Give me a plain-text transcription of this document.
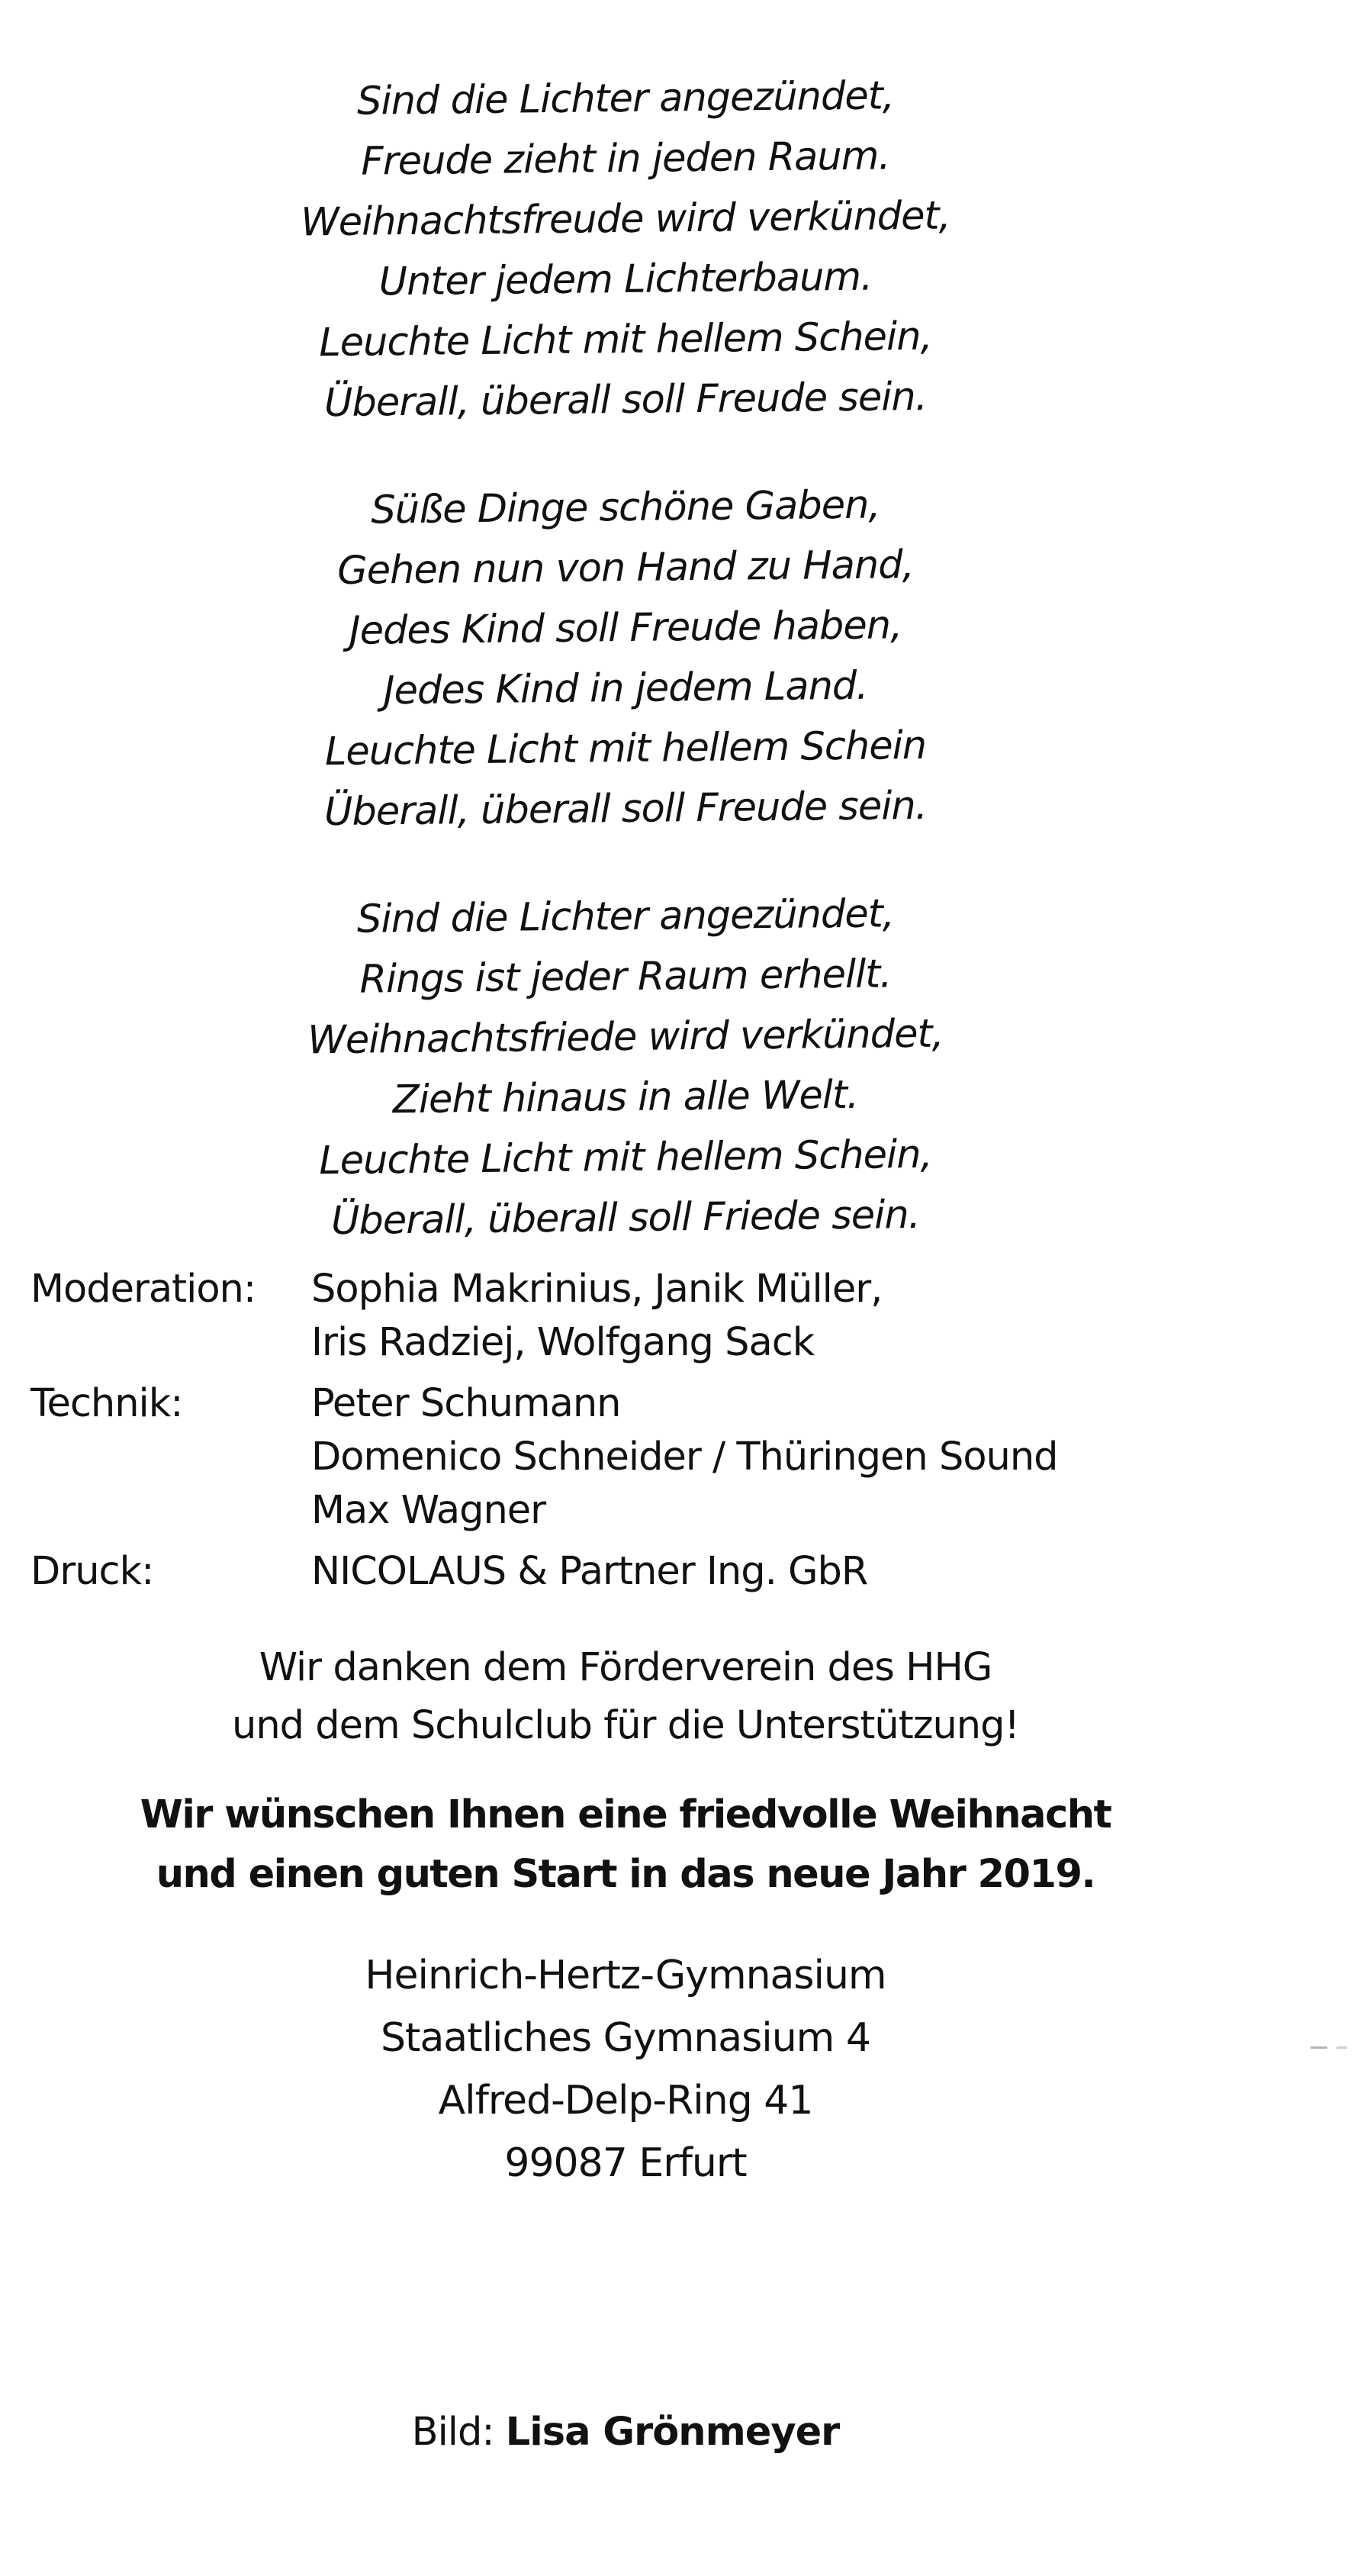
Sind die Lichter angezündet,
Freude zieht in jeden Raum.
Weihnachtsfreude wird verkündet,
Unter jedem Lichterbaum.
Leuchte Licht mit hellem Schein,
Überall, überall soll Freude sein.
Süße Dinge schöne Gaben,
Gehen nun von Hand zu Hand,
Jedes Kind soll Freude haben,
Jedes Kind in jedem Land.
Leuchte Licht mit hellem Schein
Überall, überall soll Freude sein.
Sind die Lichter angezündet,
Rings ist jeder Raum erhellt.
Weihnachtsfriede wird verkündet,
Zieht hinaus in alle Welt.
Leuchte Licht mit hellem Schein,
Überall, überall soll Friede sein.
Moderation:	Sophia Makrinius, Janik Müller,
Iris Radziej, Wolfgang Sack
Technik:	Peter Schumann
Domenico Schneider / Thüringen Sound
Max Wagner
Druck:	NICOLAUS & Partner Ing. GbR
Wir danken dem Förderverein des HHG
und dem Schulclub für die Unterstützung!
Wir wünschen Ihnen eine friedvolle Weihnacht
und einen guten Start in das neue Jahr 2019.
Heinrich-Hertz-Gymnasium
Staatliches Gymnasium 4
Alfred-Delp-Ring 41
99087 Erfurt
Bild: Lisa Grönmeyer
